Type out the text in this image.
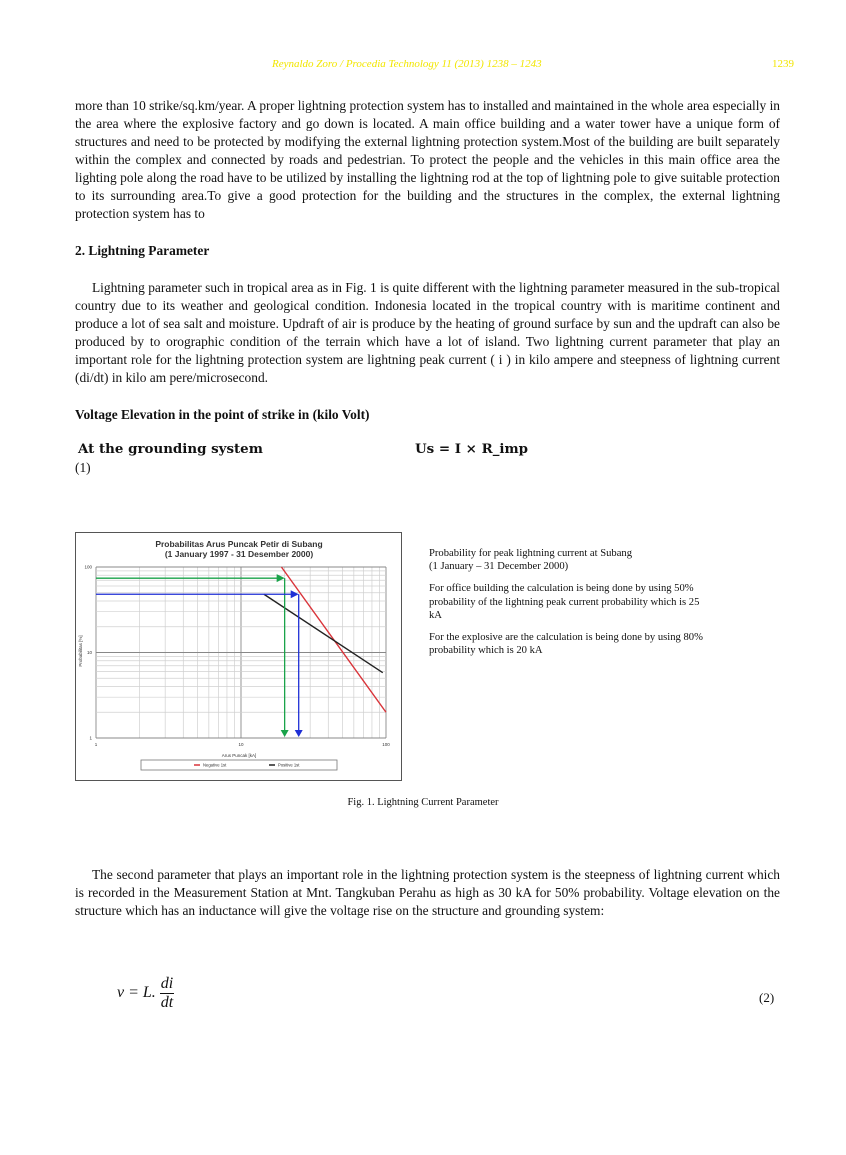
Reynaldo Zoro / Procedia Technology 11 (2013) 1238 – 1243	1239
more than 10 strike/sq.km/year. A proper lightning protection system has to installed and maintained in the whole area especially in the area where the explosive factory and go down is located. A main office building and a water tower have a unique form of structures and need to be protected by modifying the external lightning protection system.Most of the building are built separately within the complex and connected by roads and pedestrian. To protect the people and the vehicles in this main office area the lighting pole along the road have to be utilized by installing the lightning rod at the top of lightning pole to give suitable protection to its surrounding area.To give a good protection for the building and the structures in the complex, the external lightning protection system has to
2. Lightning Parameter
Lightning parameter such in tropical area as in Fig. 1 is quite different with the lightning parameter measured in the sub-tropical country due to its weather and geological condition. Indonesia located in the tropical country with is maritime continent and produce a lot of sea salt and moisture. Updraft of air is produce by the heating of ground surface by sun and the updraft can also be produced by to orographic condition of the terrain which have a lot of island. Two lightning current parameter that play an important role for the lightning protection system are lightning peak current ( i ) in kilo ampere and steepness of lightning current (di/dt) in kilo am pere/microsecond.
Voltage Elevation in the point of strike in (kilo Volt)
At the grounding system	Us = I × R_imp
(1)
Probabilitas Arus Puncak Petir di Subang
(1 January 1997 - 31 Desember 2000)
1	10	100
1
10
100
Arus Puncak [kA]
Probabilitas [%]
Negative 1st	Positive 1st

Probability for peak lightning current at Subang
(1 January – 31 December 2000)

For office building the calculation is being done by using 50% probability of the lightning peak current probability which is 25 kA

For the explosive are the calculation is being done by using 80% probability which is 20 kA

Fig. 1. Lightning Current Parameter
The second parameter that plays an important role in the lightning protection system is the steepness of lightning current which is recorded in the Measurement Station at Mnt. Tangkuban Perahu as high as 30 kA for 50% probability. Voltage elevation on the structure which has an inductance will give the voltage rise on the structure and grounding system:
v = L. $\frac{di}{dt}$	(2)
